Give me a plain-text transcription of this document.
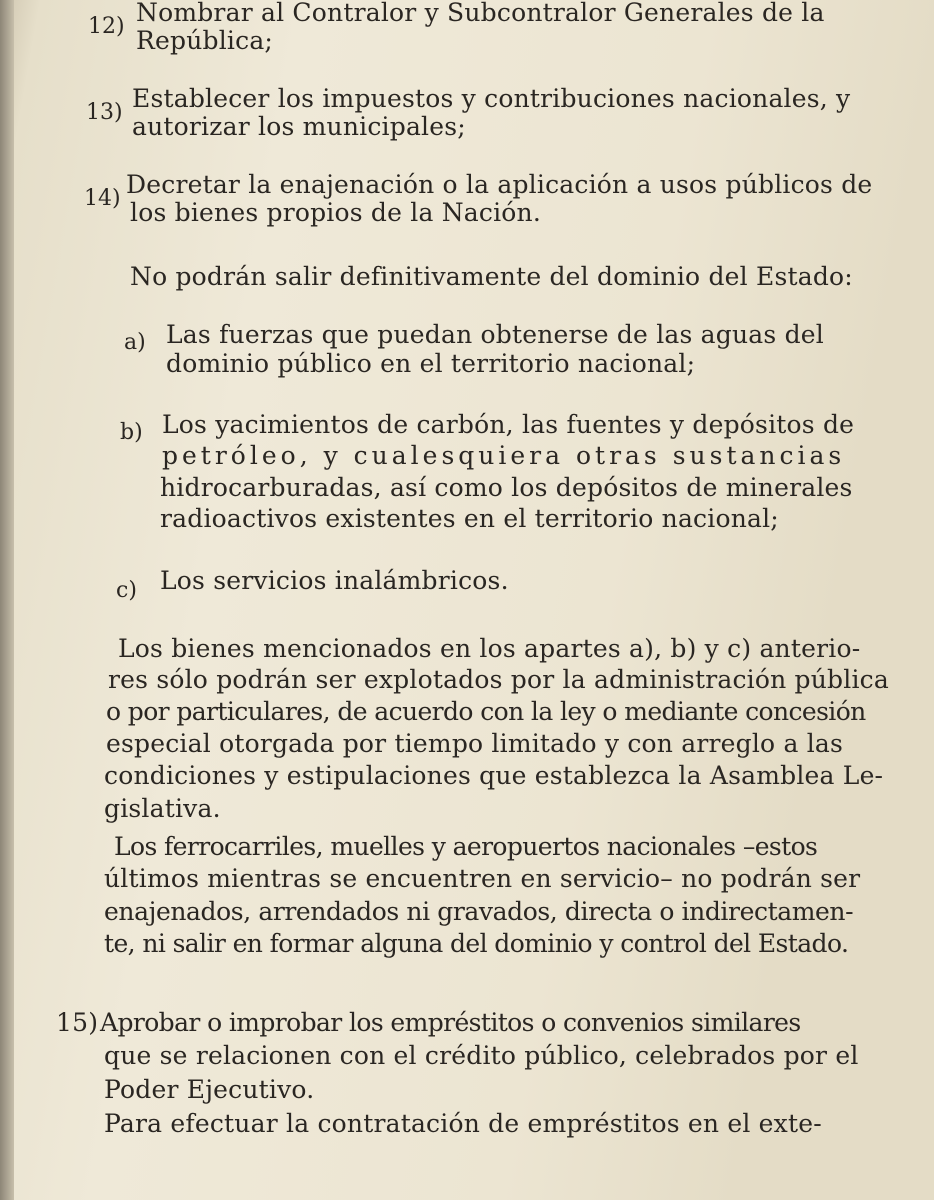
12) Nombrar al Contralor y Subcontralor Generales de la
República;
13) Establecer los impuestos y contribuciones nacionales, y
autorizar los municipales;
14) Decretar la enajenación o la aplicación a usos públicos de
los bienes propios de la Nación.
No podrán salir definitivamente del dominio del Estado:
a) Las fuerzas que puedan obtenerse de las aguas del
dominio público en el territorio nacional;
b) Los yacimientos de carbón, las fuentes y depósitos de
petróleo, y cualesquiera otras sustancias
hidrocarburadas, así como los depósitos de minerales
radioactivos existentes en el territorio nacional;
c) Los servicios inalámbricos.
Los bienes mencionados en los apartes a), b) y c) anterio-
res sólo podrán ser explotados por la administración pública
o por particulares, de acuerdo con la ley o mediante concesión
especial otorgada por tiempo limitado y con arreglo a las
condiciones y estipulaciones que establezca la Asamblea Le-
gislativa.
Los ferrocarriles, muelles y aeropuertos nacionales –estos
últimos mientras se encuentren en servicio– no podrán ser
enajenados, arrendados ni gravados, directa o indirectamen-
te, ni salir en formar alguna del dominio y control del Estado.
15) Aprobar o improbar los empréstitos o convenios similares
que se relacionen con el crédito público, celebrados por el
Poder Ejecutivo.
Para efectuar la contratación de empréstitos en el exte-
